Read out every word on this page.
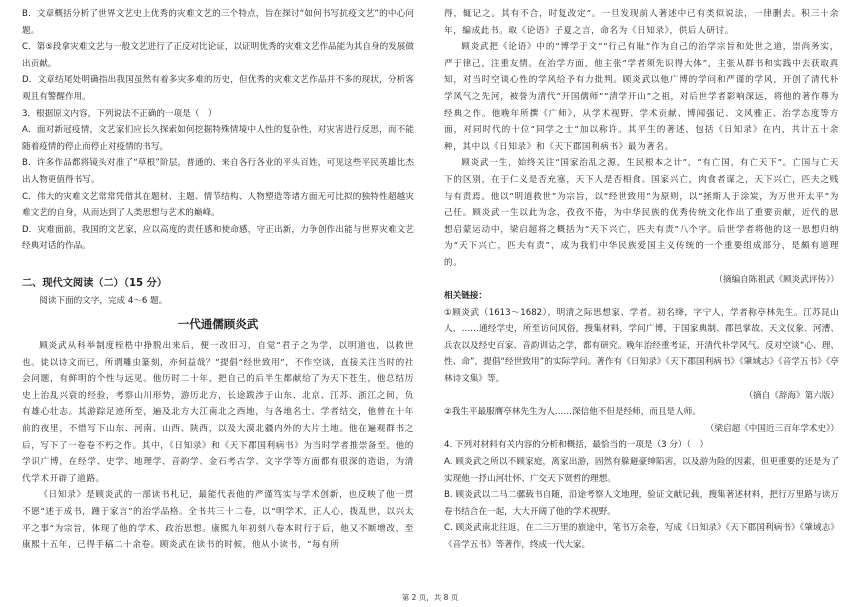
B．文章概括分析了世界文艺史上优秀的灾难文艺的三个特点，旨在探讨“如何书写抗疫文艺”的中心问题。

C．第⑤段拿灾难文艺与一般文艺进行了正反对比论证，以证明优秀的灾难文艺作品能为其自身的发展做出贡献。

D．文章结尾处明确指出我国虽然有着多灾多难的历史，但优秀的灾难文艺作品并不多的现状，分析客观且有警醒作用。

3．根据原文内容，下列说法不正确的一项是（　）

A．面对新冠疫情，文艺家们应长久探索如何挖掘特殊情境中人性的复杂性，对灾害进行反思，而不能随着疫情的停止而停止对疫情的书写。

B．许多作品都将镜头对准了“草根”阶层，普通的、来自各行各业的平头百姓，可见这些平民英雄比杰出人物更值得书写。

C．伟大的灾难文艺常常凭借其在题材、主题、情节结构、人物塑造等诸方面无可比拟的独特性超越灾难文艺的自身，从而达到了人类思想与艺术的巅峰。

D．灾难面前，我国的文艺家，应以高度的责任感和使命感，守正出新，力争创作出能与世界灾难文艺经典对话的作品。

二、现代文阅读（二）（15 分）

阅读下面的文字，完成 4～6 题。

一代通儒顾炎武

顾炎武从科举制度桎梏中挣脱出来后，便一改旧习，自觉“君子之为学，以明道也，以救世也。徒以诗文而已，所谓雕虫篆刻，亦何益哉？”提倡“经世致用”，不作空谈，直接关注当时的社会问题，有鲜明的个性与远见。他历时二十年，把自己的后半生都献给了为天下苍生，他总结历史上治乱兴衰的经验，考察山川形势，游历北方，长途跋涉于山东、北京、江苏、浙江之间，负有雄心壮志。其游踪足迹所至，遍及北方大江南北之西地，与各地名士、学者结交，他曾在十年前的夜里，不惜写下山东、河南、山西、陕西，以及大漠北疆内外的大片土地。他在遍观群书之后，写下了一卷卷不朽之作。其中，《日知录》和《天下郡国利病书》为当时学者推崇备至。他的学识广博，在经学、史学、地理学、音韵学、金石考古学、文字学等方面都有很深的造诣，为清代学术开辟了道路。

《日知录》是顾炎武的一部读书札记，最能代表他的严谨笃实与学术创新，也反映了他一贯不愿“述于成书，踵于家言”的治学品格。全书共三十二卷，以“明学术，正人心，拨乱世，以兴太平之事”为宗旨，体现了他的学术、政治思想。康熙九年初刻八卷本时行于后，他又不断增改，至康熙十五年，已得手稿二十余卷。顾炎武在读书的时候，他从小读书，“每有所

得，辄记之。其有不合，时复改定”。一旦发现前人著述中已有类似说法，一律删去。积三十余年，编成此书。取《论语》子夏之言，命名为《日知录》，供后人研讨。

顾炎武把《论语》中的“博学于文”“行己有耻”作为自己的治学宗旨和处世之道，崇尚务实，严于律己，注重友情。在治学方面，他主张“学者须先识得大体”，主张从群书和实践中去获取真知，对当时空谈心性的学风给予有力批判。顾炎武以他广博的学问和严谨的学风，开创了清代朴学风气之先河，被誉为清代“开国儒师”“清学开山”之祖，对后世学者影响深远，将他的著作尊为经典之作。他晚年所撰《广师》，从学术视野、学术贡献、博闻强记、文风雅正、治学态度等方面，对同时代的十位“同学之士”加以称许。其平生的著述，包括《日知录》在内，共计五十余种，其中以《日知录》和《天下郡国利病书》最为著名。

顾炎武一生，始终关注“国家治乱之源，生民根本之计”，“有亡国，有亡天下”。亡国与亡天下的区别，在于仁义是否充塞，天下人是否相食。国家兴亡，肉食者谋之，天下兴亡，匹夫之贱与有责焉。他以“明道救世”为宗旨，以“经世致用”为原则，以“拯斯人于涂炭，为万世开太平”为己任。顾炎武一生以此为念，孜孜不倦，为中华民族的优秀传统文化作出了重要贡献，近代的思想启蒙运动中，梁启超将之概括为“天下兴亡，匹夫有责”八个字。后世学者将他的这一思想归纳为“天下兴亡，匹夫有责”，成为我们中华民族爱国主义传统的一个重要组成部分，是颇有道理的。

（摘编自陈祖武《顾炎武评传》）

相关链接：

①顾炎武（1613～1682），明清之际思想家、学者。初名绛，字宁人，学者称亭林先生。江苏昆山人，……通经学史，所至访问风俗，搜集材料，学问广博，于国家典制、郡邑掌故、天文仪象、河漕、兵农以及经史百家、音韵训诂之学，都有研究。晚年治经重考证，开清代朴学风气。反对空谈“心、理、性、命”，提倡“经世致用”的实际学问。著作有《日知录》《天下郡国利病书》《肇域志》《音学五书》《亭林诗文集》等。

（摘自《辞海》第六版）

②我生平最服膺亭林先生为人……深信他不但是经师，而且是人师。

（梁启超《中国近三百年学术史》）

4. 下列对材料有关内容的分析和概括，最恰当的一项是（3 分）（　）

A. 顾炎武之所以不顾家庭，离家出游，固然有躲避豪绅陷害，以及游为险的因素，但更重要的还是为了实现他一抒山河壮怀、广交天下贤哲的理想。

B. 顾炎武以二马二骡载书自随，沿途考察人文地理，验证文献记载，搜集著述材料，把行万里路与读万卷书结合在一起，大大开阔了他的学术视野。

C. 顾炎武南北往返，在二三万里的旅途中，笔书万余卷，写成《日知录》《天下郡国利病书》《肇域志》《音学五书》等著作，终成一代大家。

第 2 页，共 8 页
